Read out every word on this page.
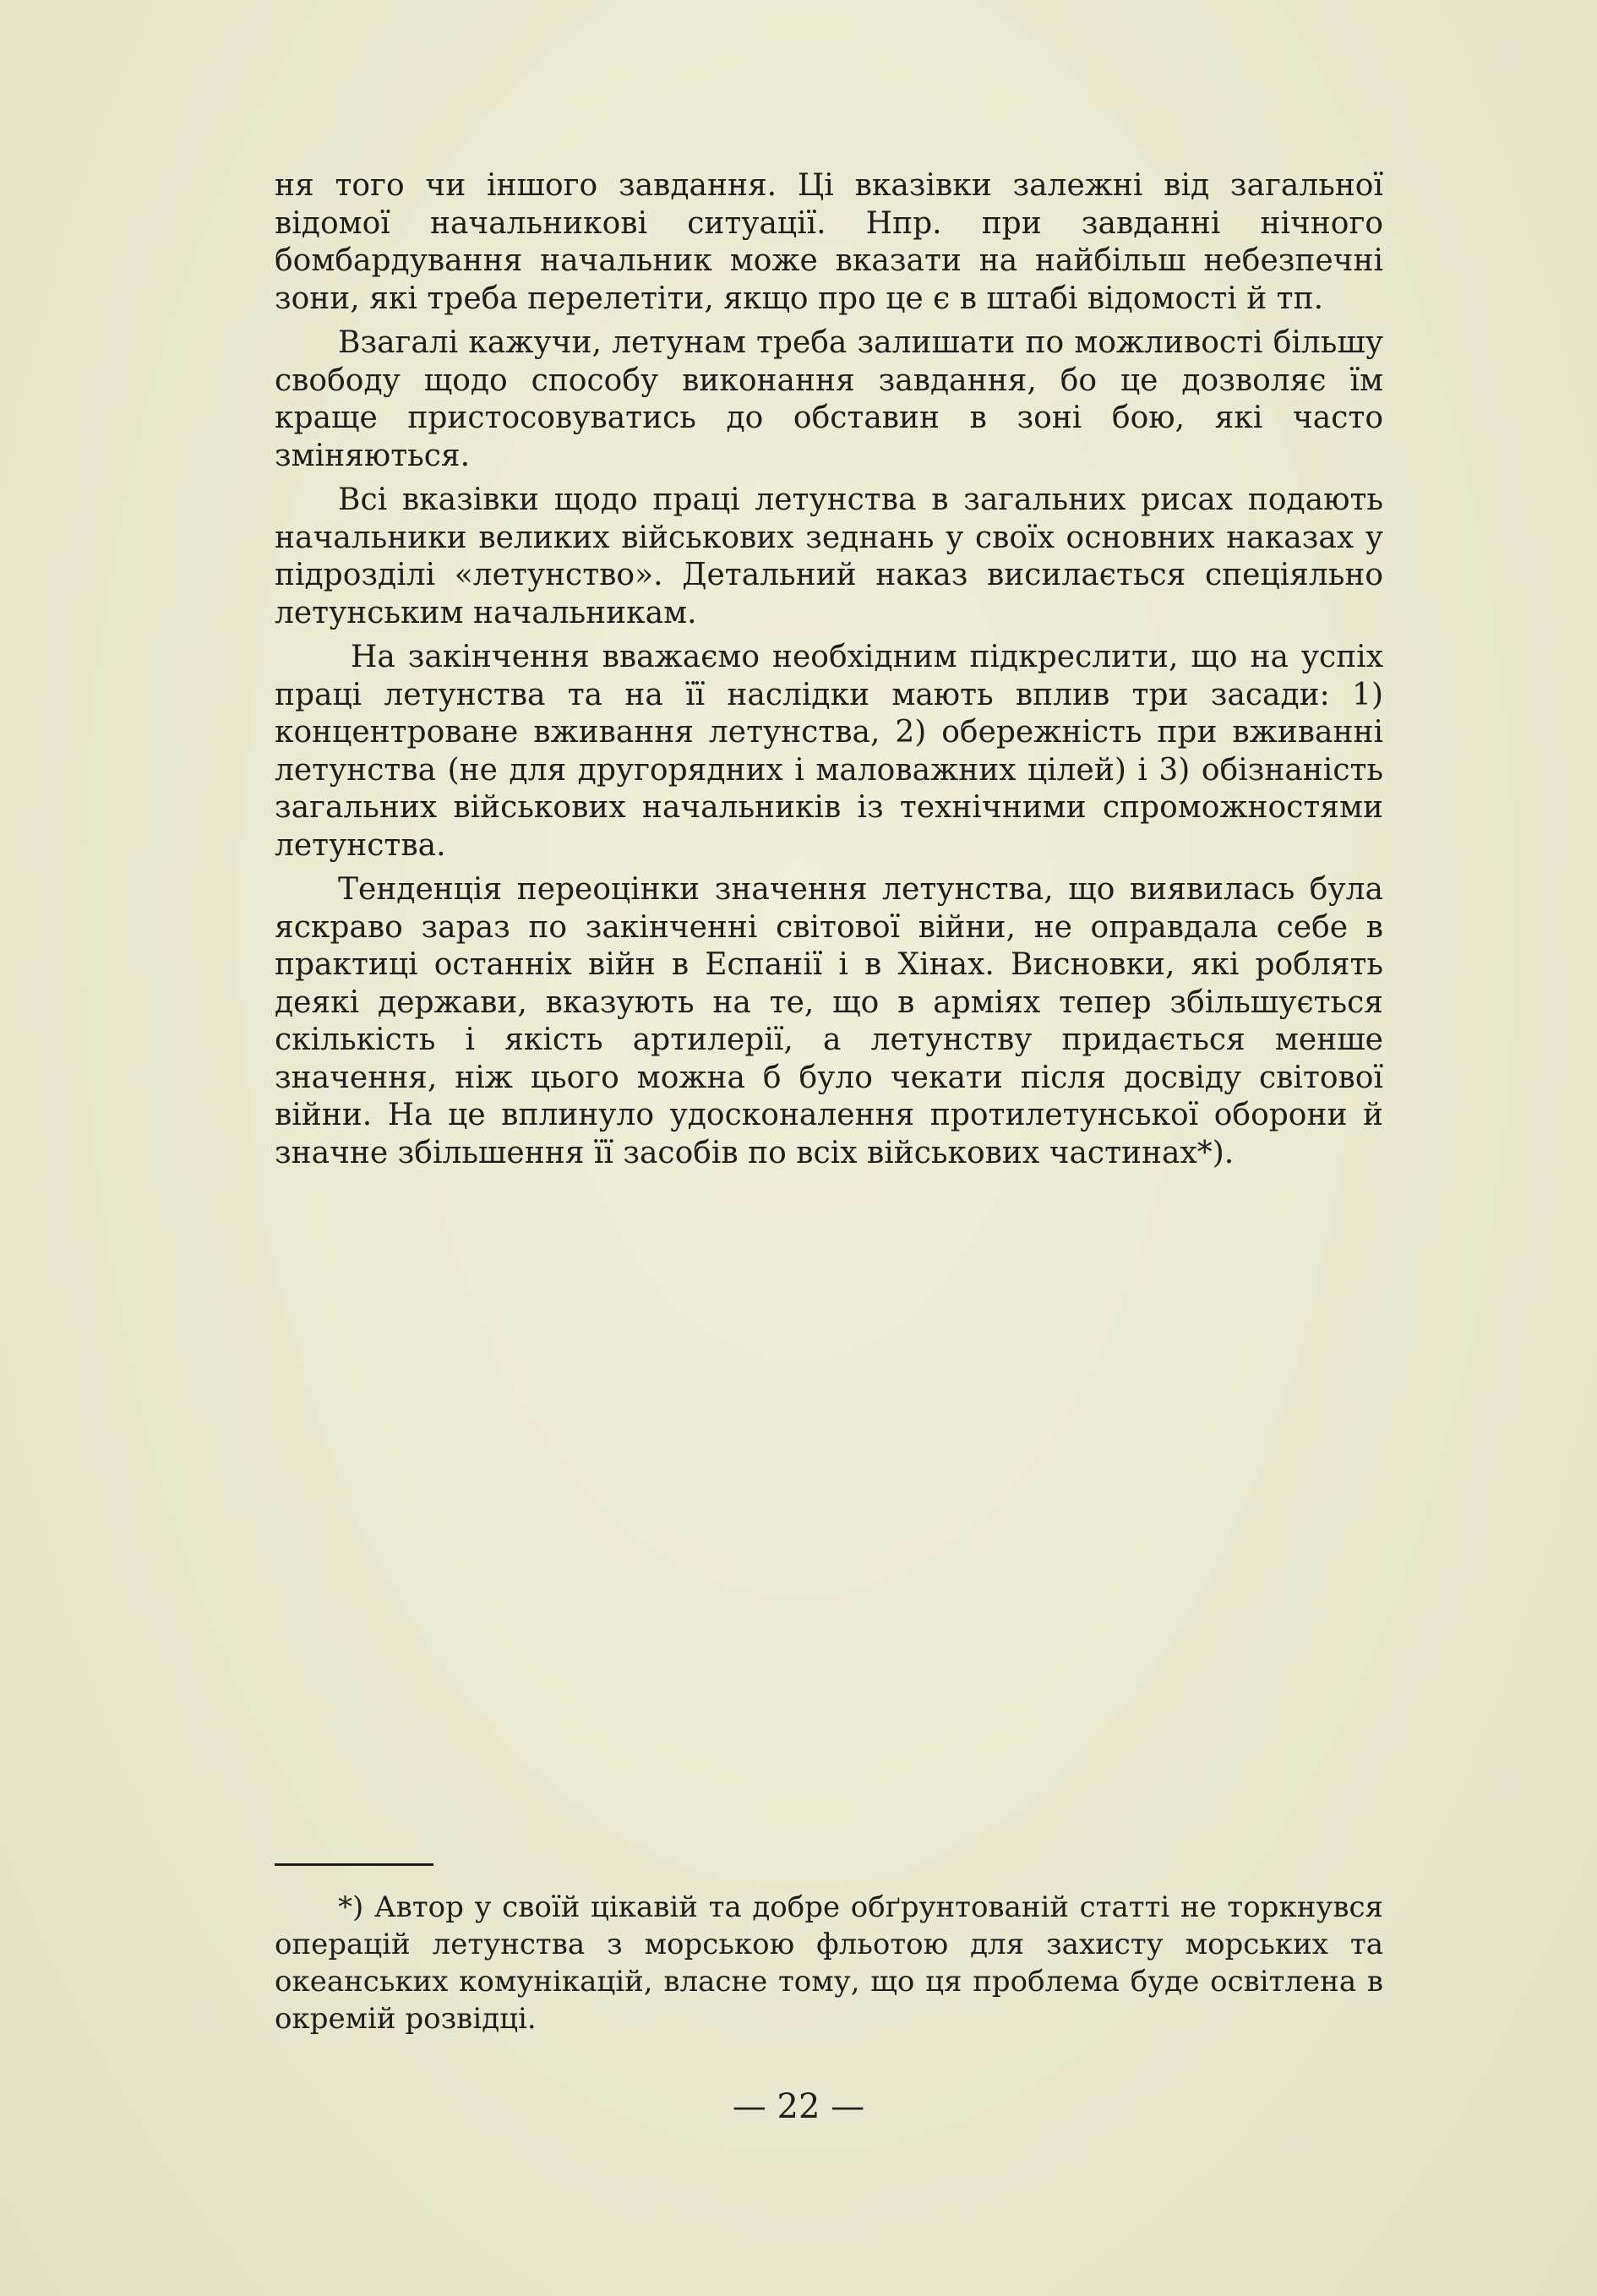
ня того чи іншого завдання. Ці вказівки залежні від загальної відомої начальникові ситуації. Нпр. при завданні нічного бомбардування начальник може вказати на найбільш небезпечні зони, які треба перелетіти, якщо про це є в штабі відомості й тп.

Взагалі кажучи, летунам треба залишати по можливості більшу свободу щодо способу виконання завдання, бо це дозволяє їм краще пристосовуватись до обставин в зоні бою, які часто зміняються.

Всі вказівки щодо праці летунства в загальних рисах подають начальники великих військових зеднань у своїх основних наказах у підрозділі «летунство». Детальний наказ висилається спеціяльно летунським начальникам.

На закінчення вважаємо необхідним підкреслити, що на успіх праці летунства та на її наслідки мають вплив три засади: 1) концентроване вживання летунства, 2) обережність при вживанні летунства (не для другорядних і маловажних цілей) і 3) обізнаність загальних військових начальників із технічними спроможностями летунства.

Тенденція переоцінки значення летунства, що виявилась була яскраво зараз по закінченні світової війни, не оправдала себе в практиці останніх війн в Еспанії і в Хінах. Висновки, які роблять деякі держави, вказують на те, що в арміях тепер збільшується скількість і якість артилерії, а летунству придається менше значення, ніж цього можна б було чекати після досвіду світової війни. На це вплинуло удосконалення протилетунської оборони й значне збільшення її засобів по всіх військових частинах*).

*) Автор у своїй цікавій та добре обґрунтованій статті не торкнувся операцій летунства з морською фльотою для захисту морських та океанських комунікацій, власне тому, що ця проблема буде освітлена в окремій розвідці.

— 22 —
